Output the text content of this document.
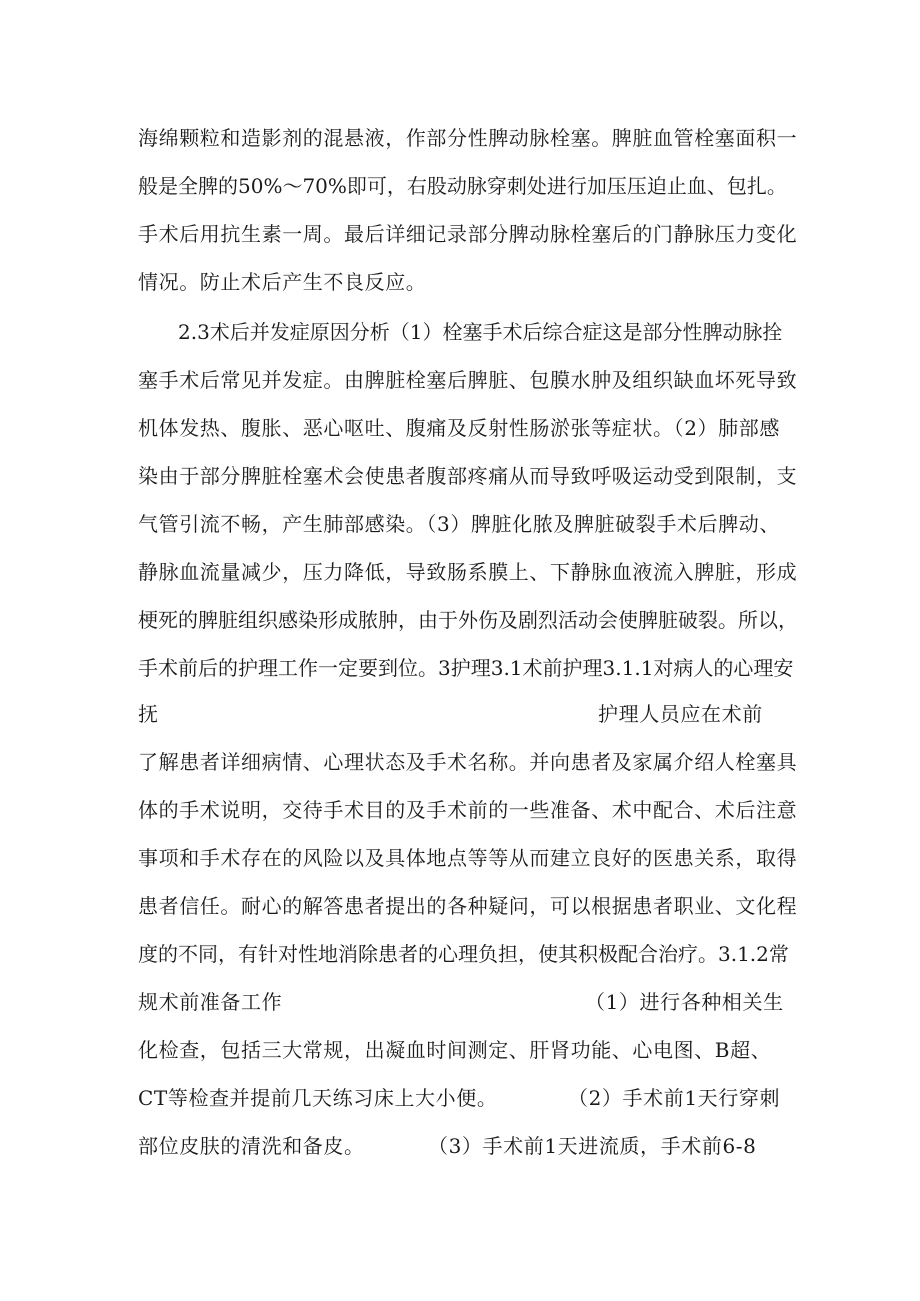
海绵颗粒和造影剂的混悬液，作部分性脾动脉栓塞。脾脏血管栓塞面积一
般是全脾的50%～70%即可，右股动脉穿刺处进行加压压迫止血、包扎。
手术后用抗生素一周。最后详细记录部分脾动脉栓塞后的门静脉压力变化
情况。防止术后产生不良反应。
2.3术后并发症原因分析（1）栓塞手术后综合症这是部分性脾动脉拴
塞手术后常见并发症。由脾脏栓塞后脾脏、包膜水肿及组织缺血坏死导致
机体发热、腹胀、恶心呕吐、腹痛及反射性肠淤张等症状。（2）肺部感
染由于部分脾脏栓塞术会使患者腹部疼痛从而导致呼吸运动受到限制，支
气管引流不畅，产生肺部感染。（3）脾脏化脓及脾脏破裂手术后脾动、
静脉血流量减少，压力降低，导致肠系膜上、下静脉血液流入脾脏，形成
梗死的脾脏组织感染形成脓肿，由于外伤及剧烈活动会使脾脏破裂。所以，
手术前后的护理工作一定要到位。3护理3.1术前护理3.1.1对病人的心理安
抚	护理人员应在术前
了解患者详细病情、心理状态及手术名称。并向患者及家属介绍人栓塞具
体的手术说明，交待手术目的及手术前的一些准备、术中配合、术后注意
事项和手术存在的风险以及具体地点等等从而建立良好的医患关系，取得
患者信任。耐心的解答患者提出的各种疑问，可以根据患者职业、文化程
度的不同，有针对性地消除患者的心理负担，使其积极配合治疗。3.1.2常
规术前准备工作	（1）进行各种相关生
化检查，包括三大常规，出凝血时间测定、肝肾功能、心电图、B超、
CT等检查并提前几天练习床上大小便。	（2）手术前1天行穿刺
部位皮肤的清洗和备皮。	（3）手术前1天进流质，手术前6-8
